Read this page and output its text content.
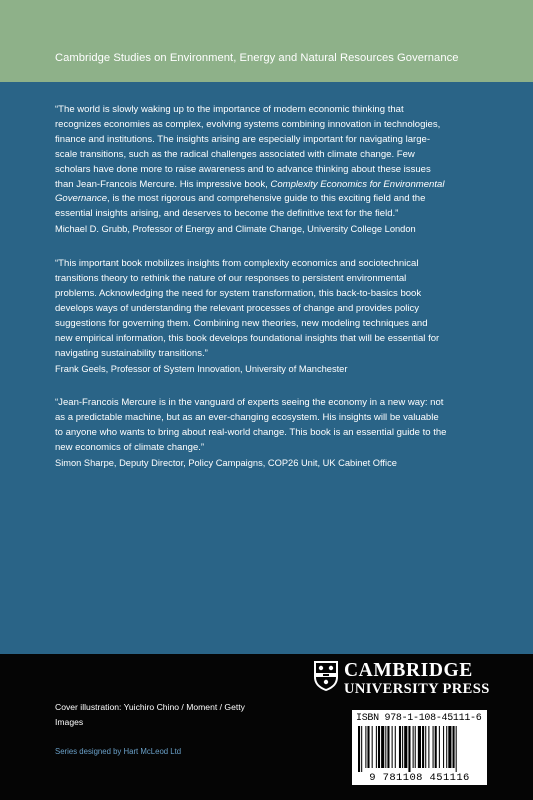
Cambridge Studies on Environment, Energy and Natural Resources Governance

“The world is slowly waking up to the importance of modern economic thinking that

recognizes economies as complex, evolving systems combining innovation in technologies,

finance and institutions. The insights arising are especially important for navigating large-

scale transitions, such as the radical challenges associated with climate change. Few

scholars have done more to raise awareness and to advance thinking about these issues

than Jean-Francois Mercure. His impressive book, Complexity Economics for Environmental

Governance, is the most rigorous and comprehensive guide to this exciting field and the

essential insights arising, and deserves to become the definitive text for the field.”

Michael D. Grubb, Professor of Energy and Climate Change, University College London

“This important book mobilizes insights from complexity economics and sociotechnical

transitions theory to rethink the nature of our responses to persistent environmental

problems. Acknowledging the need for system transformation, this back-to-basics book

develops ways of understanding the relevant processes of change and provides policy

suggestions for governing them. Combining new theories, new modeling techniques and

new empirical information, this book develops foundational insights that will be essential for

navigating sustainability transitions.”

Frank Geels, Professor of System Innovation, University of Manchester

“Jean-Francois Mercure is in the vanguard of experts seeing the economy in a new way: not

as a predictable machine, but as an ever-changing ecosystem. His insights will be valuable

to anyone who wants to bring about real-world change. This book is an essential guide to the

new economics of climate change.”

Simon Sharpe, Deputy Director, Policy Campaigns, COP26 Unit, UK Cabinet Office
CAMBRIDGE
UNIVERSITY PRESS
Cover illustration: Yuichiro Chino / Moment / Getty Images
Series designed by Hart McLeod Ltd
ISBN 978-1-108-45111-6
9 781108 451116
